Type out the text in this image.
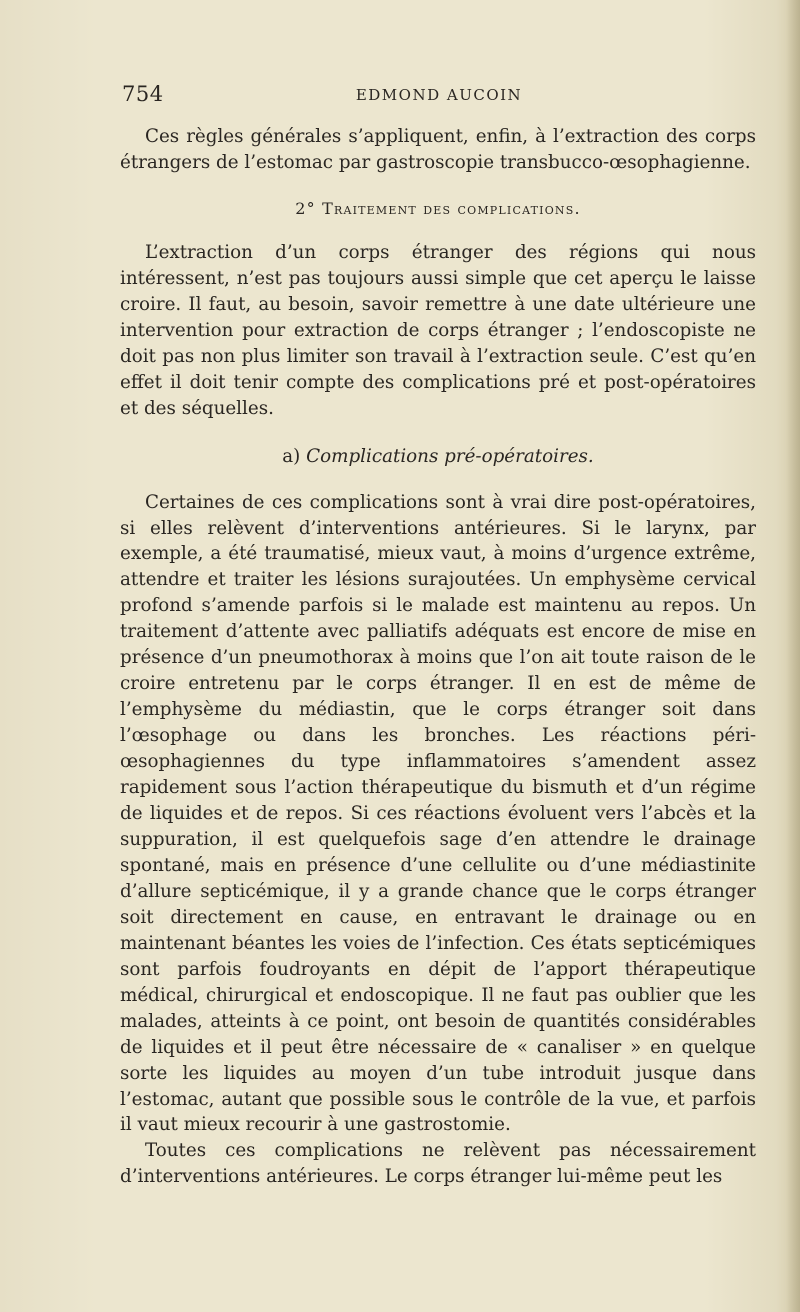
754	EDMOND AUCOIN

Ces règles générales s’appliquent, enfin, à l’extraction des corps étrangers de l’estomac par gastroscopie transbucco-œsophagienne.

2° Traitement des complications.

L’extraction d’un corps étranger des régions qui nous intéressent, n’est pas toujours aussi simple que cet aperçu le laisse croire. Il faut, au besoin, savoir remettre à une date ultérieure une intervention pour extraction de corps étranger ; l’endoscopiste ne doit pas non plus limiter son travail à l’extraction seule. C’est qu’en effet il doit tenir compte des complications pré et post-opératoires et des séquelles.

a) Complications pré-opératoires.

Certaines de ces complications sont à vrai dire post-opératoires, si elles relèvent d’interventions antérieures. Si le larynx, par exemple, a été traumatisé, mieux vaut, à moins d’urgence extrême, attendre et traiter les lésions surajoutées. Un emphysème cervical profond s’amende parfois si le malade est maintenu au repos. Un traitement d’attente avec palliatifs adéquats est encore de mise en présence d’un pneumothorax à moins que l’on ait toute raison de le croire entretenu par le corps étranger. Il en est de même de l’emphysème du médiastin, que le corps étranger soit dans l’œsophage ou dans les bronches. Les réactions péri-œsophagiennes du type inflammatoires s’amendent assez rapidement sous l’action thérapeutique du bismuth et d’un régime de liquides et de repos. Si ces réactions évoluent vers l’abcès et la suppuration, il est quelquefois sage d’en attendre le drainage spontané, mais en présence d’une cellulite ou d’une médiastinite d’allure septicémique, il y a grande chance que le corps étranger soit directement en cause, en entravant le drainage ou en maintenant béantes les voies de l’infection. Ces états septicémiques sont parfois foudroyants en dépit de l’apport thérapeutique médical, chirurgical et endoscopique. Il ne faut pas oublier que les malades, atteints à ce point, ont besoin de quantités considérables de liquides et il peut être nécessaire de « canaliser » en quelque sorte les liquides au moyen d’un tube introduit jusque dans l’estomac, autant que possible sous le contrôle de la vue, et parfois il vaut mieux recourir à une gastrostomie.

Toutes ces complications ne relèvent pas nécessairement d’interventions antérieures. Le corps étranger lui-même peut les
